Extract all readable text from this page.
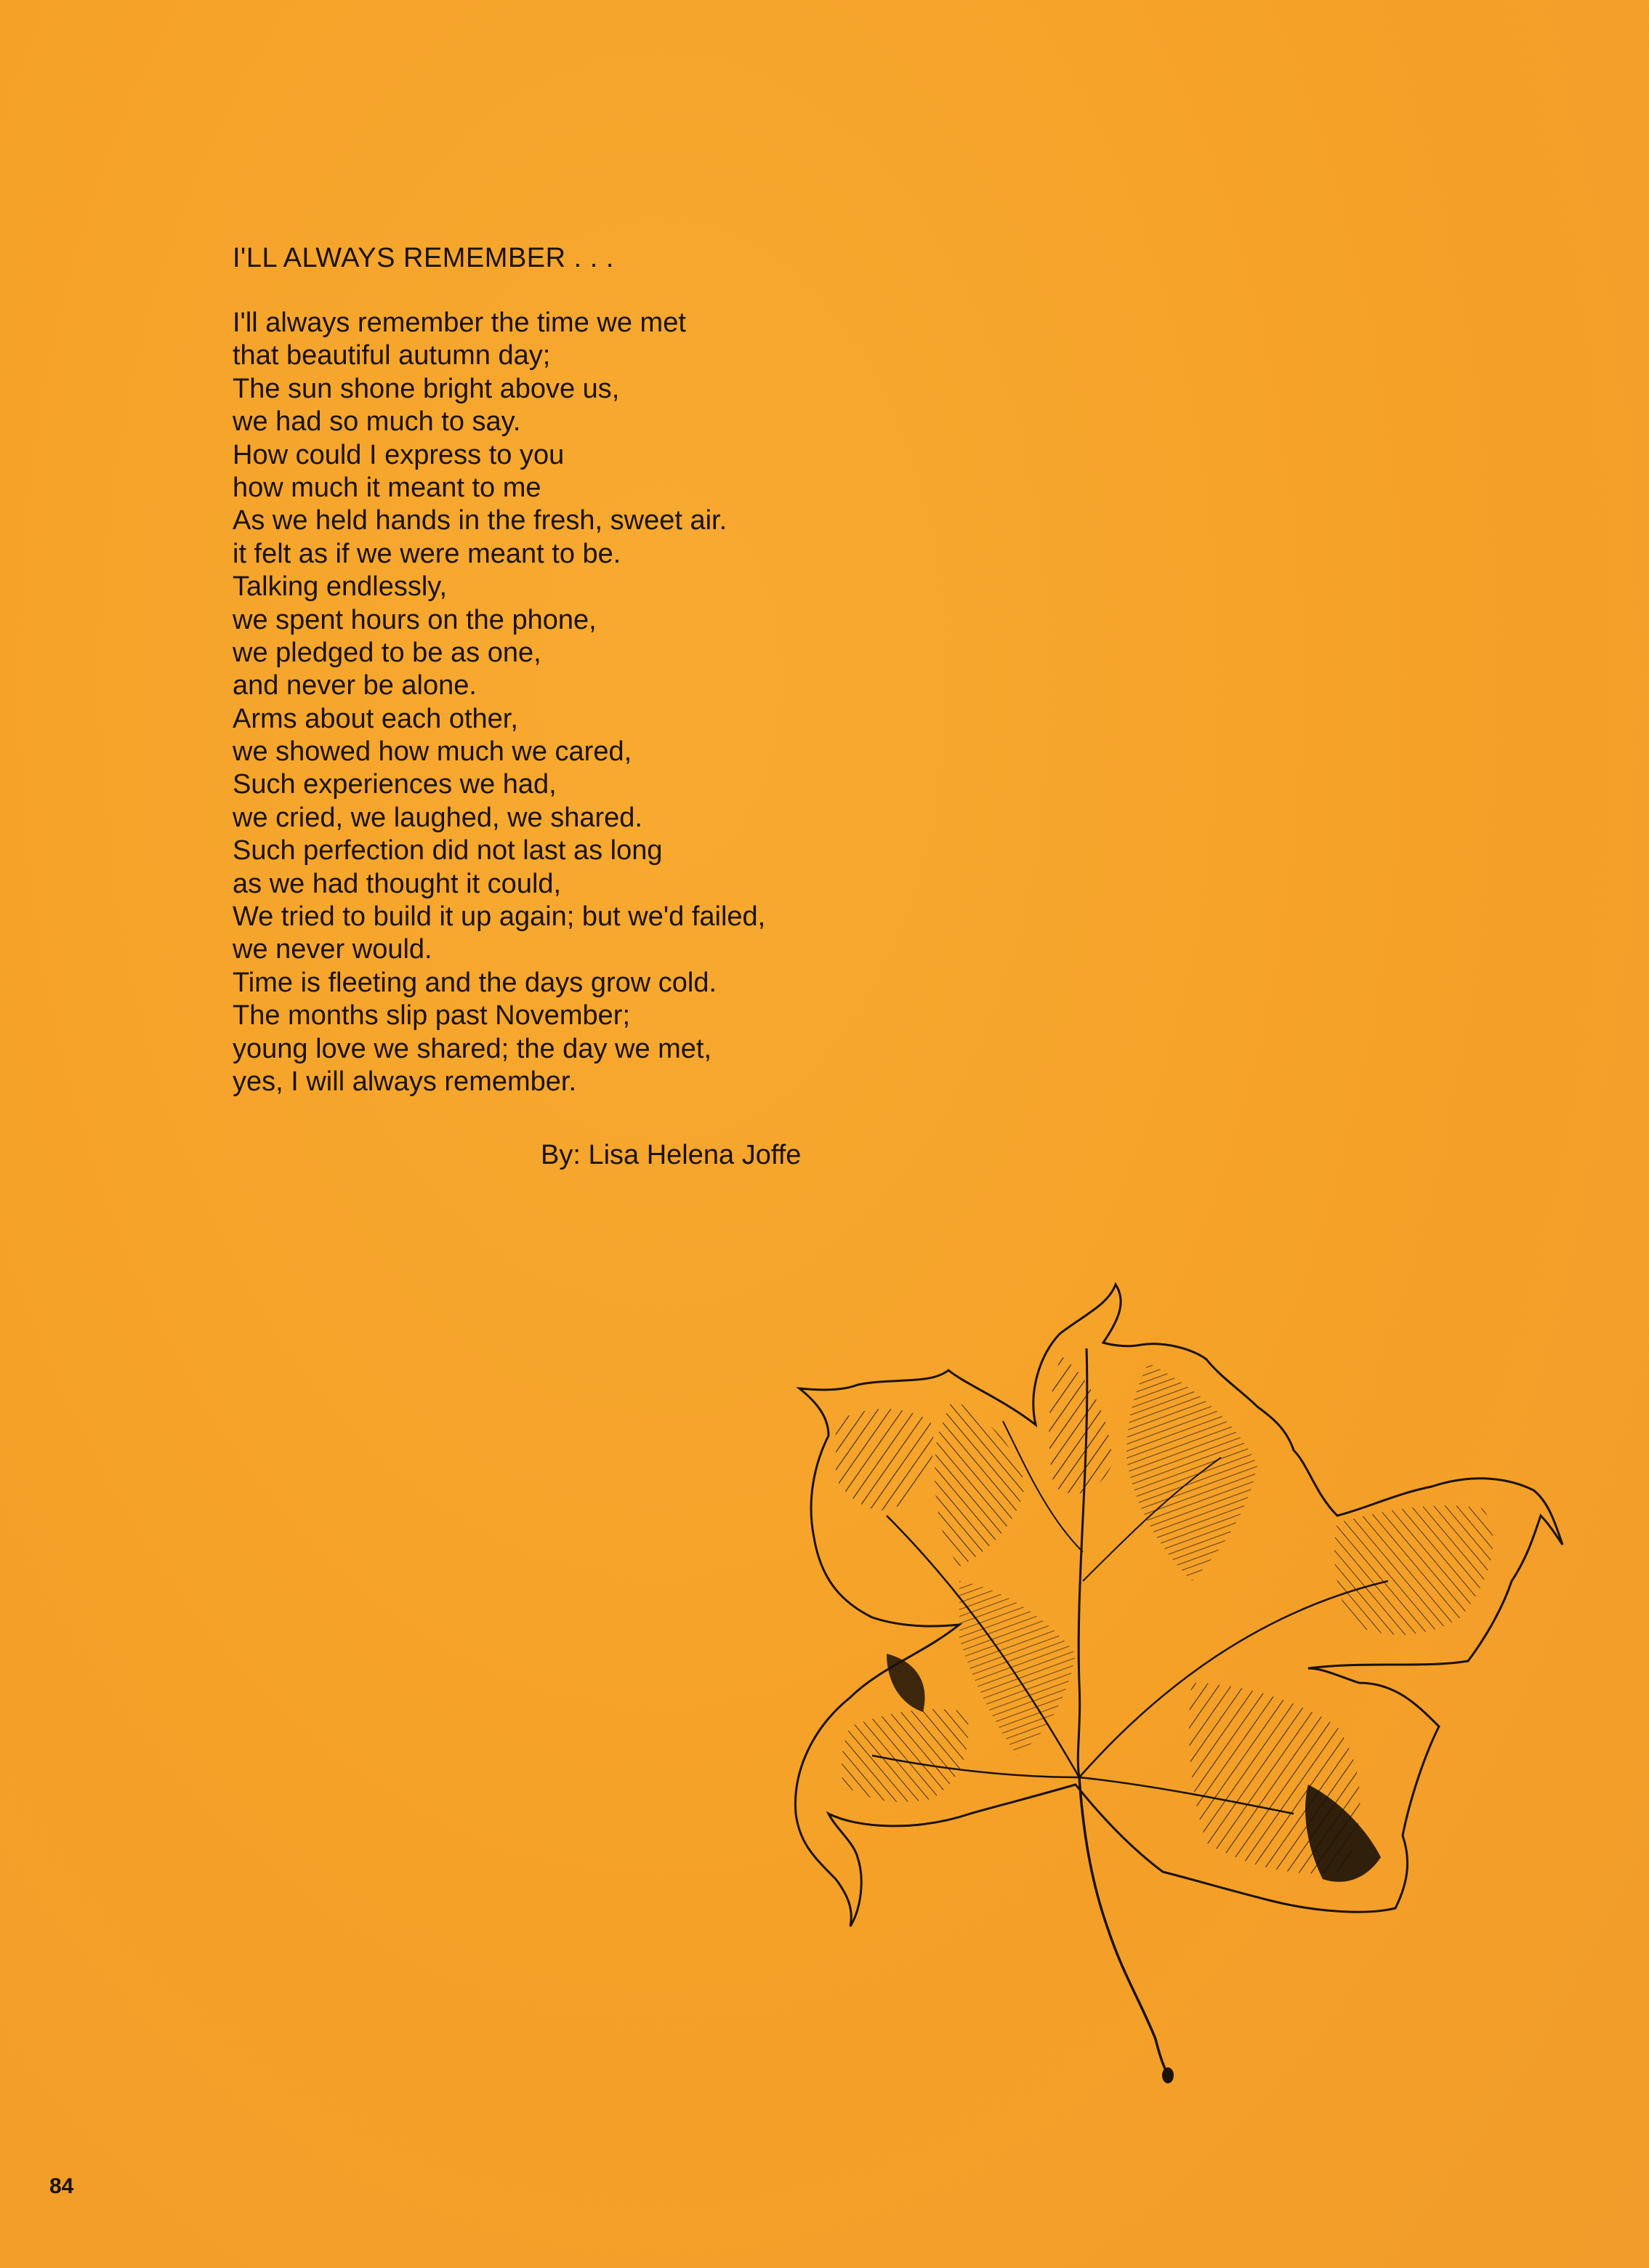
I'LL ALWAYS REMEMBER . . .
I'll always remember the time we met
that beautiful autumn day;
The sun shone bright above us,
we had so much to say.
How could I express to you
how much it meant to me
As we held hands in the fresh, sweet air.
it felt as if we were meant to be.
Talking endlessly,
we spent hours on the phone,
we pledged to be as one,
and never be alone.
Arms about each other,
we showed how much we cared,
Such experiences we had,
we cried, we laughed, we shared.
Such perfection did not last as long
as we had thought it could,
We tried to build it up again; but we'd failed,
we never would.
Time is fleeting and the days grow cold.
The months slip past November;
young love we shared; the day we met,
yes, I will always remember.
By: Lisa Helena Joffe
84
